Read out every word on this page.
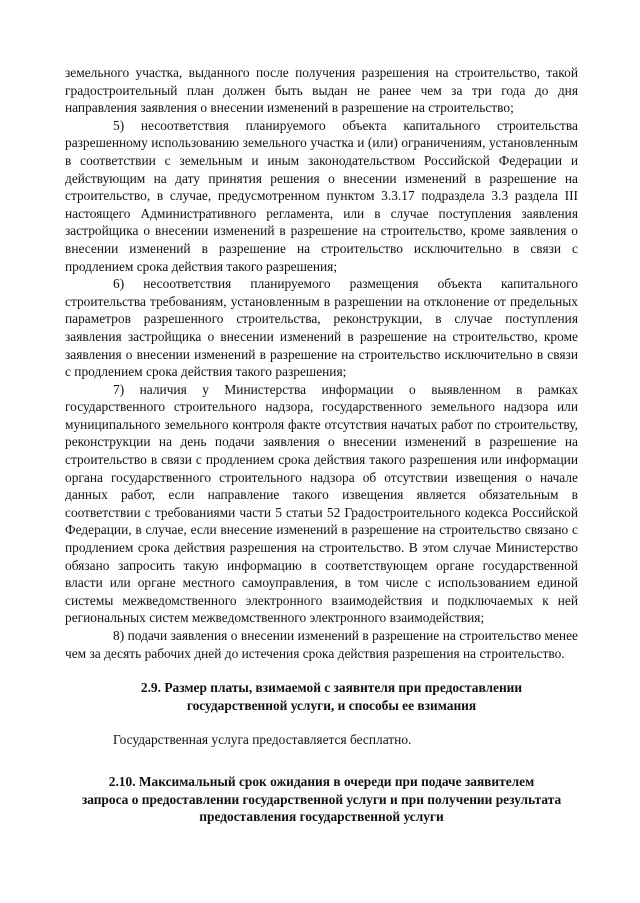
земельного участка, выданного после получения разрешения на строительство, такой градостроительный план должен быть выдан не ранее чем за три года до дня направления заявления о внесении изменений в разрешение на строительство;

5) несоответствия планируемого объекта капитального строительства разрешенному использованию земельного участка и (или) ограничениям, установленным в соответствии с земельным и иным законодательством Российской Федерации и действующим на дату принятия решения о внесении изменений в разрешение на строительство, в случае, предусмотренном пунктом 3.3.17 подраздела 3.3 раздела III настоящего Административного регламента, или в случае поступления заявления застройщика о внесении изменений в разрешение на строительство, кроме заявления о внесении изменений в разрешение на строительство исключительно в связи с продлением срока действия такого разрешения;

6) несоответствия планируемого размещения объекта капитального строительства требованиям, установленным в разрешении на отклонение от предельных параметров разрешенного строительства, реконструкции, в случае поступления заявления застройщика о внесении изменений в разрешение на строительство, кроме заявления о внесении изменений в разрешение на строительство исключительно в связи с продлением срока действия такого разрешения;

7) наличия у Министерства информации о выявленном в рамках государственного строительного надзора, государственного земельного надзора или муниципального земельного контроля факте отсутствия начатых работ по строительству, реконструкции на день подачи заявления о внесении изменений в разрешение на строительство в связи с продлением срока действия такого разрешения или информации органа государственного строительного надзора об отсутствии извещения о начале данных работ, если направление такого извещения является обязательным в соответствии с требованиями части 5 статьи 52 Градостроительного кодекса Российской Федерации, в случае, если внесение изменений в разрешение на строительство связано с продлением срока действия разрешения на строительство. В этом случае Министерство обязано запросить такую информацию в соответствующем органе государственной власти или органе местного самоуправления, в том числе с использованием единой системы межведомственного электронного взаимодействия и подключаемых к ней региональных систем межведомственного электронного взаимодействия;

8) подачи заявления о внесении изменений в разрешение на строительство менее чем за десять рабочих дней до истечения срока действия разрешения на строительство.

2.9. Размер платы, взимаемой с заявителя при предоставлении
государственной услуги, и способы ее взимания

Государственная услуга предоставляется бесплатно.

2.10. Максимальный срок ожидания в очереди при подаче заявителем
запроса о предоставлении государственной услуги и при получении результата
предоставления государственной услуги
